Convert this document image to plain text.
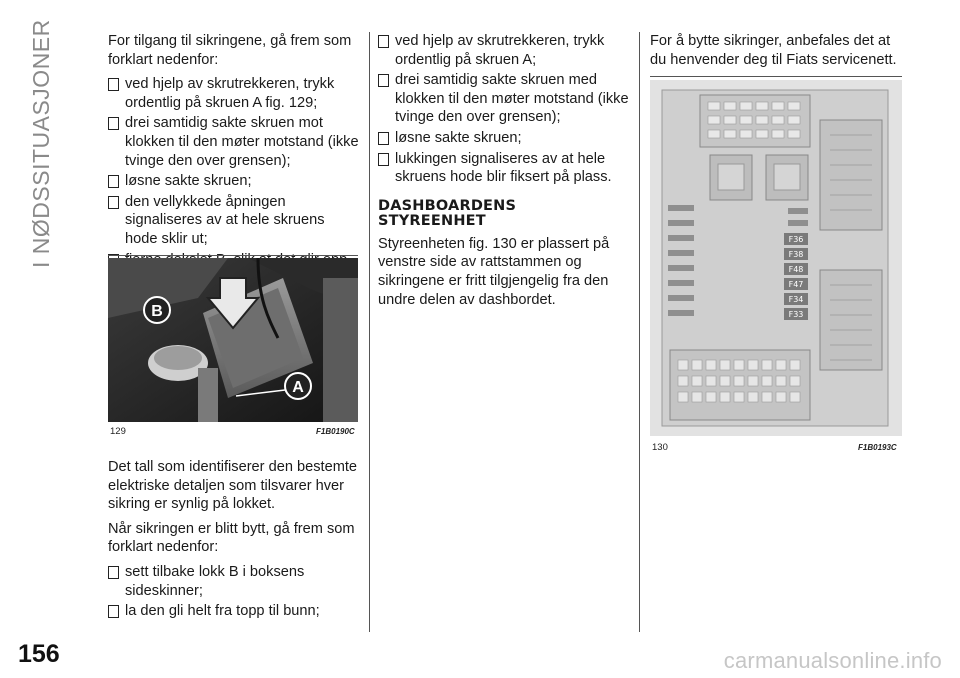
I NØDSSITUASJONER
156

For tilgang til sikringene, gå frem som forklart nedenfor:

ved hjelp av skrutrekkeren, trykk ordentlig på skruen A fig. 129;
drei samtidig sakte skruen mot klokken til den møter motstand (ikke tvinge den over grensen);
løsne sakte skruen;
den vellykkede åpningen signaliseres av at hele skruens hode sklir ut;
B
A
129	F1B0190C

Det tall som identifiserer den bestemte elektriske detaljen som tilsvarer hver sikring er synlig på lokket.

Når sikringen er blitt bytt, gå frem som forklart nedenfor:

sett tilbake lokk B i boksens sideskinner;
la den gli helt fra topp til bunn;
ved hjelp av skrutrekkeren, trykk ordentlig på skruen A;
drei samtidig sakte skruen med klokken til den møter motstand (ikke tvinge den over grensen);
løsne sakte skruen;
lukkingen signaliseres av at hele skruens hode blir fiksert på plass.
DASHBOARDENS
STYREENHET

Styreenheten fig. 130 er plassert på venstre side av rattstammen og sikringene er fritt tilgjengelig fra den undre delen av dashbordet.

For å bytte sikringer, anbefales det at du henvender deg til Fiats servicenett.

F36
F38
F48
F47
F34
F33
130	F1B0193C
carmanualsonline.info
